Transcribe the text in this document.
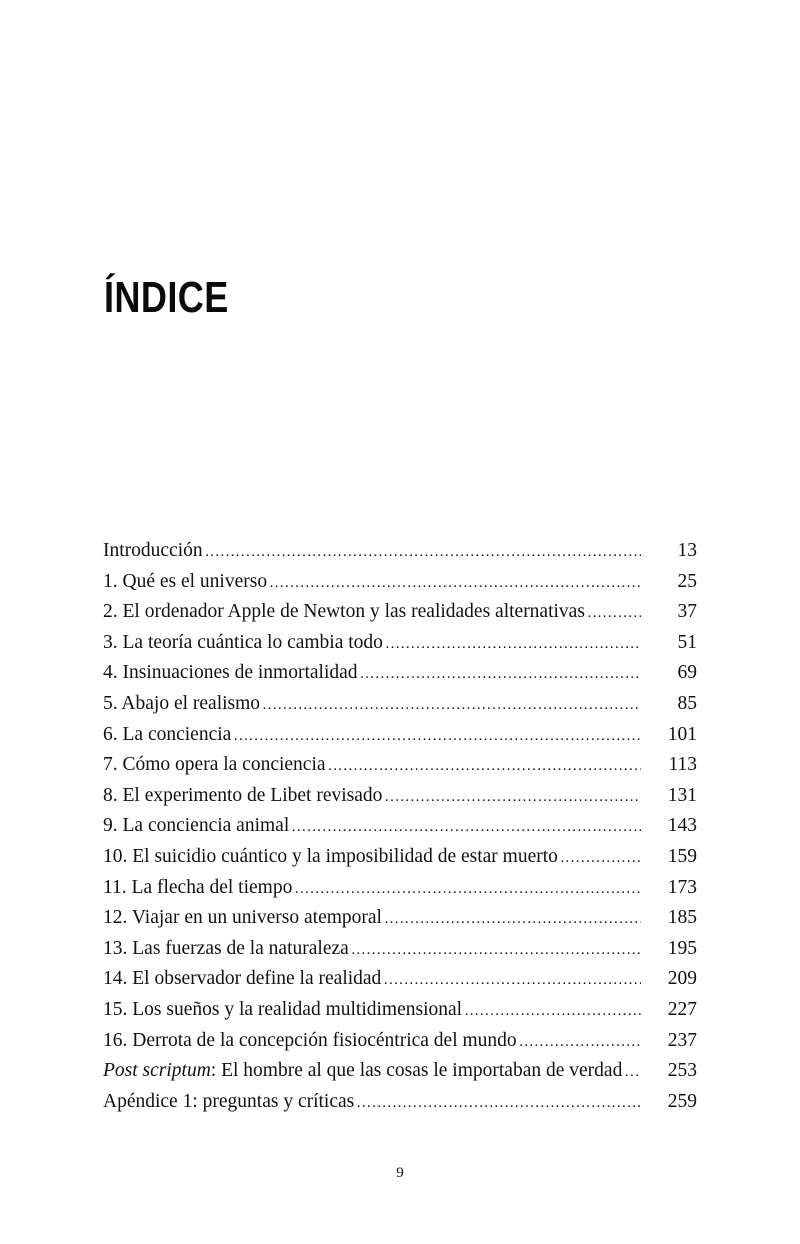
ÍNDICE
Introducción . . .	13
1. Qué es el universo . . .	25
2. El ordenador Apple de Newton y las realidades alternativas . . .	37
3. La teoría cuántica lo cambia todo . . .	51
4. Insinuaciones de inmortalidad . . .	69
5. Abajo el realismo . . .	85
6. La conciencia . . .	101
7. Cómo opera la conciencia . . .	113
8. El experimento de Libet revisado . . .	131
9. La conciencia animal . . .	143
10. El suicidio cuántico y la imposibilidad de estar muerto . . .	159
11. La flecha del tiempo . . .	173
12. Viajar en un universo atemporal . . .	185
13. Las fuerzas de la naturaleza . . .	195
14. El observador define la realidad . . .	209
15. Los sueños y la realidad multidimensional . . .	227
16. Derrota de la concepción fisiocéntrica del mundo . . .	237
Post scriptum: El hombre al que las cosas le importaban de verdad . . .	253
Apéndice 1: preguntas y críticas . . .	259
9
